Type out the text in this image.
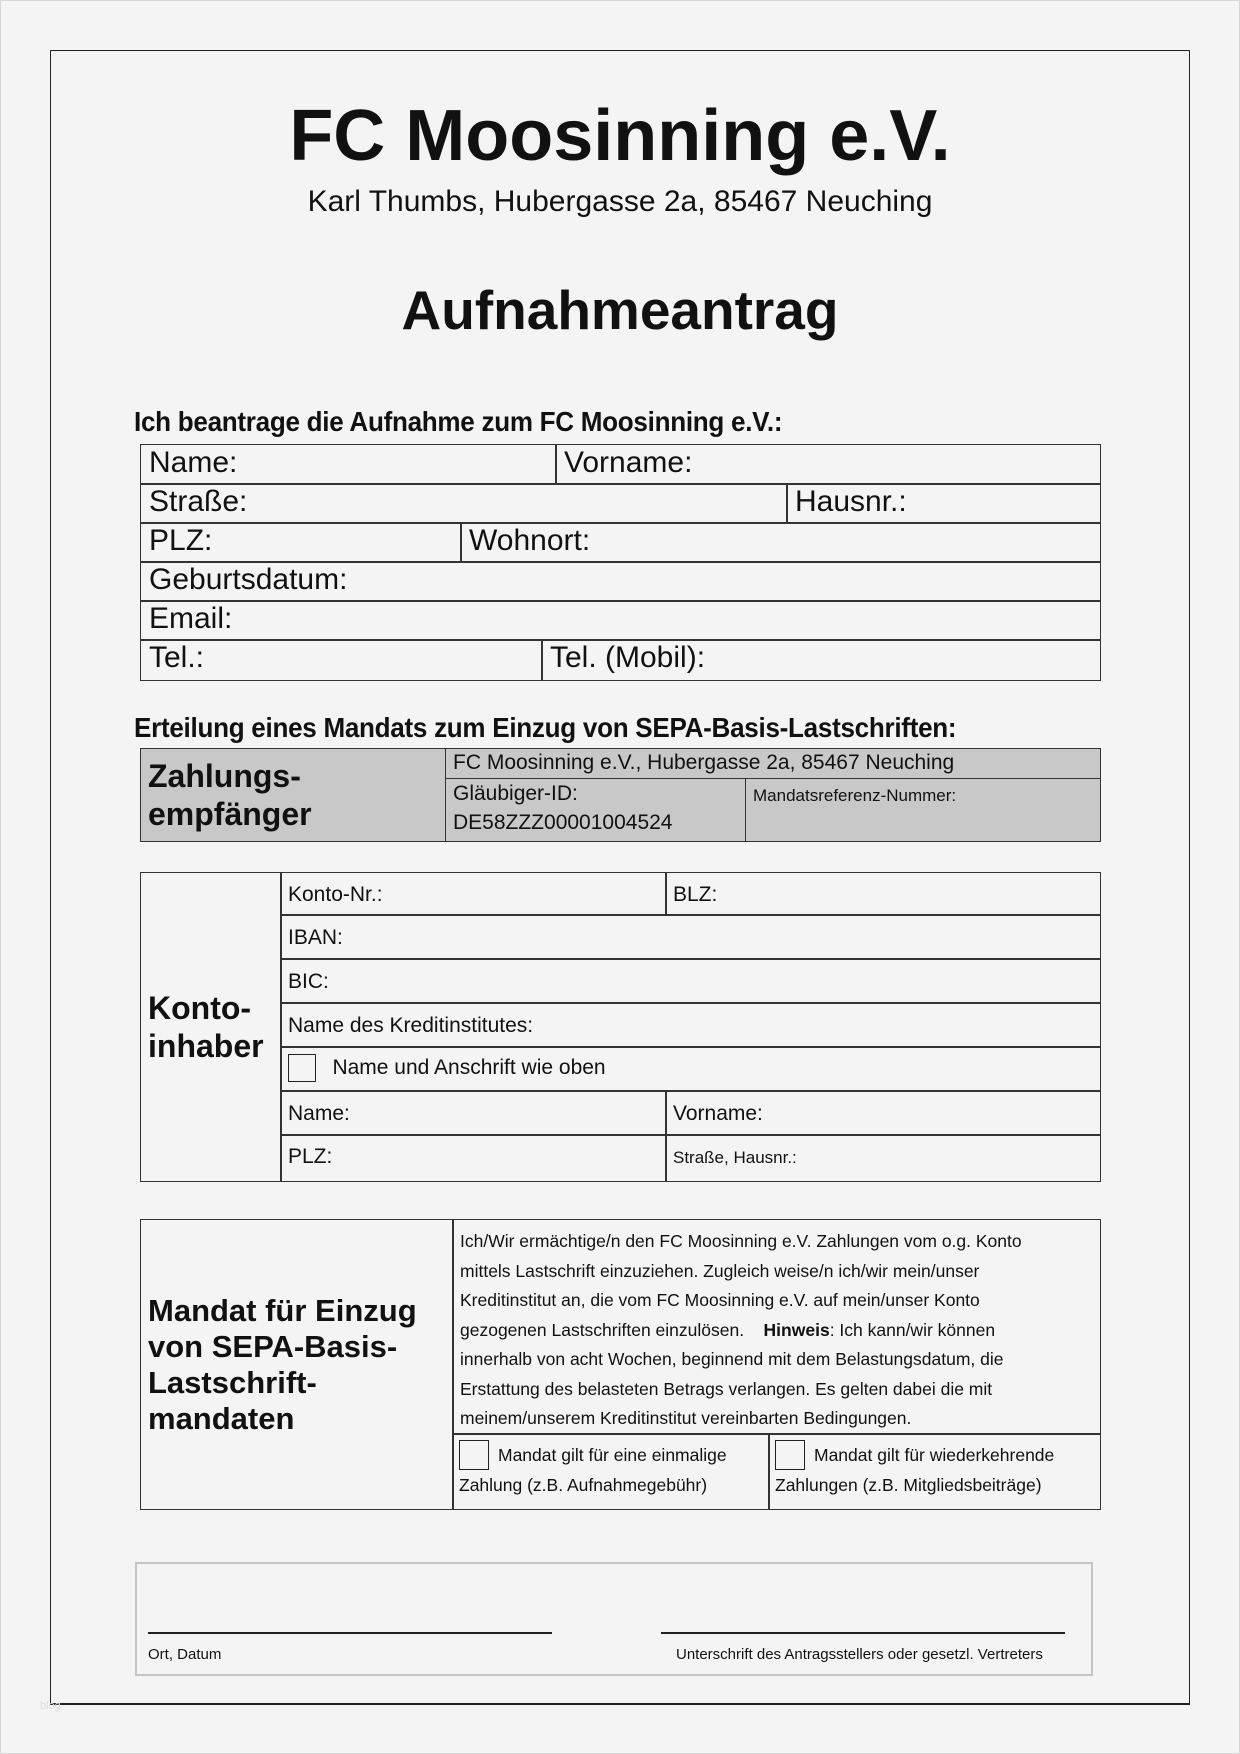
FC Moosinning e.V.
Karl Thumbs, Hubergasse 2a, 85467 Neuching
Aufnahmeantrag
Ich beantrage die Aufnahme zum FC Moosinning e.V.:
Name:	Vorname:
Straße:	Hausnr.:
PLZ:	Wohnort:
Geburtsdatum:
Email:
Tel.:	Tel. (Mobil):
Erteilung eines Mandats zum Einzug von SEPA-Basis-Lastschriften:
Zahlungs-
empfänger
FC Moosinning e.V., Hubergasse 2a, 85467 Neuching
Gläubiger-ID:
DE58ZZZ00001004524
Mandatsreferenz-Nummer:
Konto-
inhaber
Konto-Nr.:	BLZ:
IBAN:
BIC:
Name des Kreditinstitutes:
Name und Anschrift wie oben
Name:	Vorname:
PLZ:	Straße, Hausnr.:
Mandat für Einzug
von SEPA-Basis-
Lastschrift-
mandaten
Ich/Wir ermächtige/n den FC Moosinning e.V. Zahlungen vom o.g. Konto
mittels Lastschrift einzuziehen. Zugleich weise/n ich/wir mein/unser
Kreditinstitut an, die vom FC Moosinning e.V. auf mein/unser Konto
gezogenen Lastschriften einzulösen. Hinweis: Ich kann/wir können
innerhalb von acht Wochen, beginnend mit dem Belastungsdatum, die
Erstattung des belasteten Betrags verlangen. Es gelten dabei die mit
meinem/unserem Kreditinstitut vereinbarten Bedingungen.
Mandat gilt für eine einmalige
Zahlung (z.B. Aufnahmegebühr)
Mandat gilt für wiederkehrende
Zahlungen (z.B. Mitgliedsbeiträge)
Ort, Datum	Unterschrift des Antragsstellers oder gesetzl. Vertreters
blog
